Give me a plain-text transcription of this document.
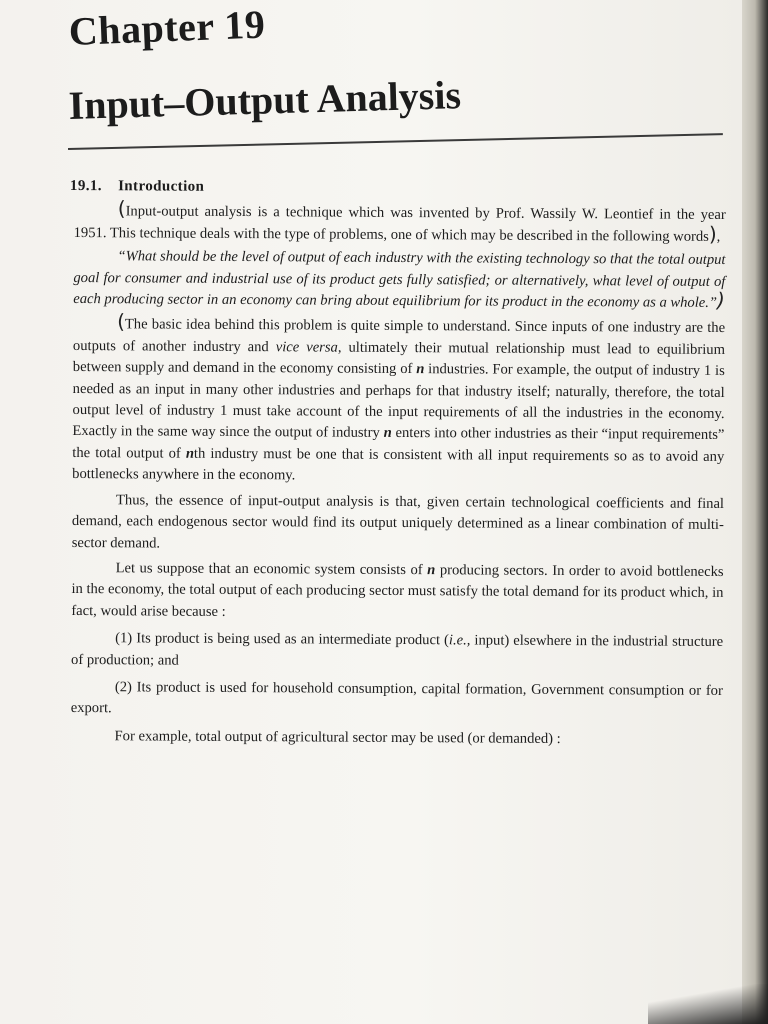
Chapter 19
Input–Output Analysis
19.1. Introduction

(Input-output analysis is a technique which was invented by Prof. Wassily W. Leontief in the year 1951. This technique deals with the type of problems, one of which may be described in the following words),

“What should be the level of output of each industry with the existing technology so that the total output goal for consumer and industrial use of its product gets fully satisfied; or alternatively, what level of output of each producing sector in an economy can bring about equilibrium for its product in the economy as a whole.”)

(The basic idea behind this problem is quite simple to understand. Since inputs of one industry are the outputs of another industry and vice versa, ultimately their mutual relationship must lead to equilibrium between supply and demand in the economy consisting of n industries. For example, the output of industry 1 is needed as an input in many other industries and perhaps for that industry itself; naturally, therefore, the total output level of industry 1 must take account of the input requirements of all the industries in the economy. Exactly in the same way since the output of industry n enters into other industries as their “input requirements” the total output of nth industry must be one that is consistent with all input requirements so as to avoid any bottlenecks anywhere in the economy.

Thus, the essence of input-output analysis is that, given certain technological coefficients and final demand, each endogenous sector would find its output uniquely determined as a linear combination of multi-sector demand.

Let us suppose that an economic system consists of n producing sectors. In order to avoid bottlenecks in the economy, the total output of each producing sector must satisfy the total demand for its product which, in fact, would arise because :

(1) Its product is being used as an intermediate product (i.e., input) elsewhere in the industrial structure of production; and

(2) Its product is used for household consumption, capital formation, Government consumption or for export.

For example, total output of agricultural sector may be used (or demanded) :
